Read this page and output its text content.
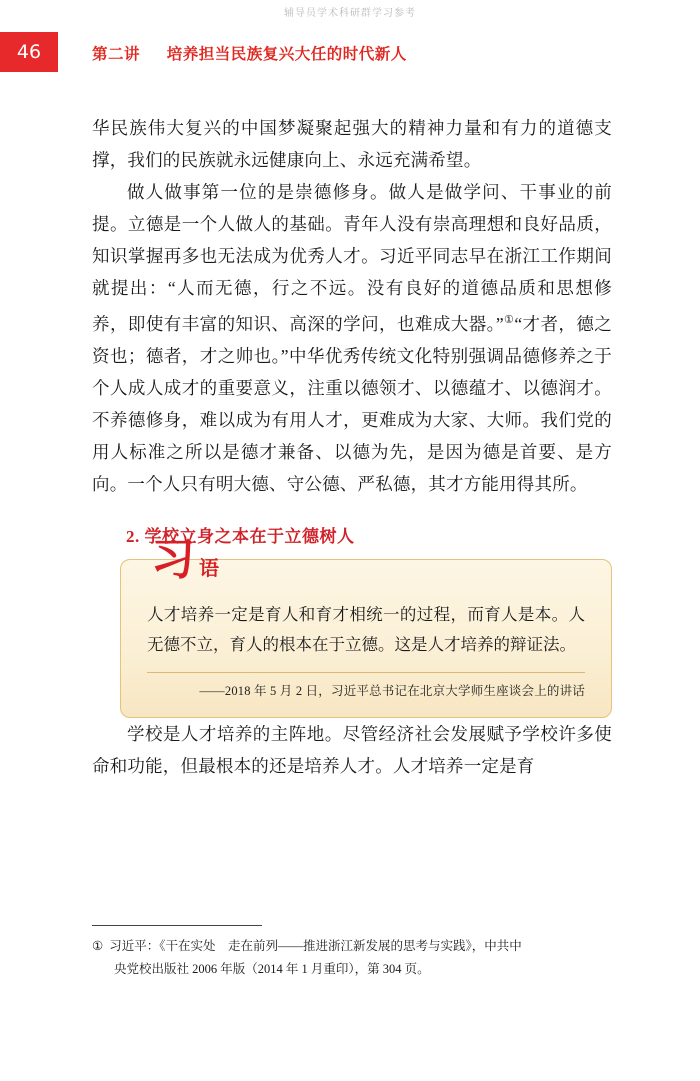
辅导员学术科研群学习参考
46	第二讲 培养担当民族复兴大任的时代新人

华民族伟大复兴的中国梦凝聚起强大的精神力量和有力的道德支撑，我们的民族就永远健康向上、永远充满希望。

做人做事第一位的是崇德修身。做人是做学问、干事业的前提。立德是一个人做人的基础。青年人没有崇高理想和良好品质，知识掌握再多也无法成为优秀人才。习近平同志早在浙江工作期间就提出：“人而无德，行之不远。没有良好的道德品质和思想修养，即使有丰富的知识、高深的学问，也难成大器。”①“才者，德之资也；德者，才之帅也。”中华优秀传统文化特别强调品德修养之于个人成人成才的重要意义，注重以德领才、以德蕴才、以德润才。不养德修身，难以成为有用人才，更难成为大家、大师。我们党的用人标准之所以是德才兼备、以德为先，是因为德是首要、是方向。一个人只有明大德、守公德、严私德，其才方能用得其所。

2. 学校立身之本在于立德树人
习 语

人才培养一定是育人和育才相统一的过程，而育人是本。人无德不立，育人的根本在于立德。这是人才培养的辩证法。

——2018 年 5 月 2 日，习近平总书记在北京大学师生座谈会上的讲话

学校是人才培养的主阵地。尽管经济社会发展赋予学校许多使命和功能，但最根本的还是培养人才。人才培养一定是育

① 习近平：《干在实处　走在前列——推进浙江新发展的思考与实践》，中共中
央党校出版社 2006 年版（2014 年 1 月重印），第 304 页。
